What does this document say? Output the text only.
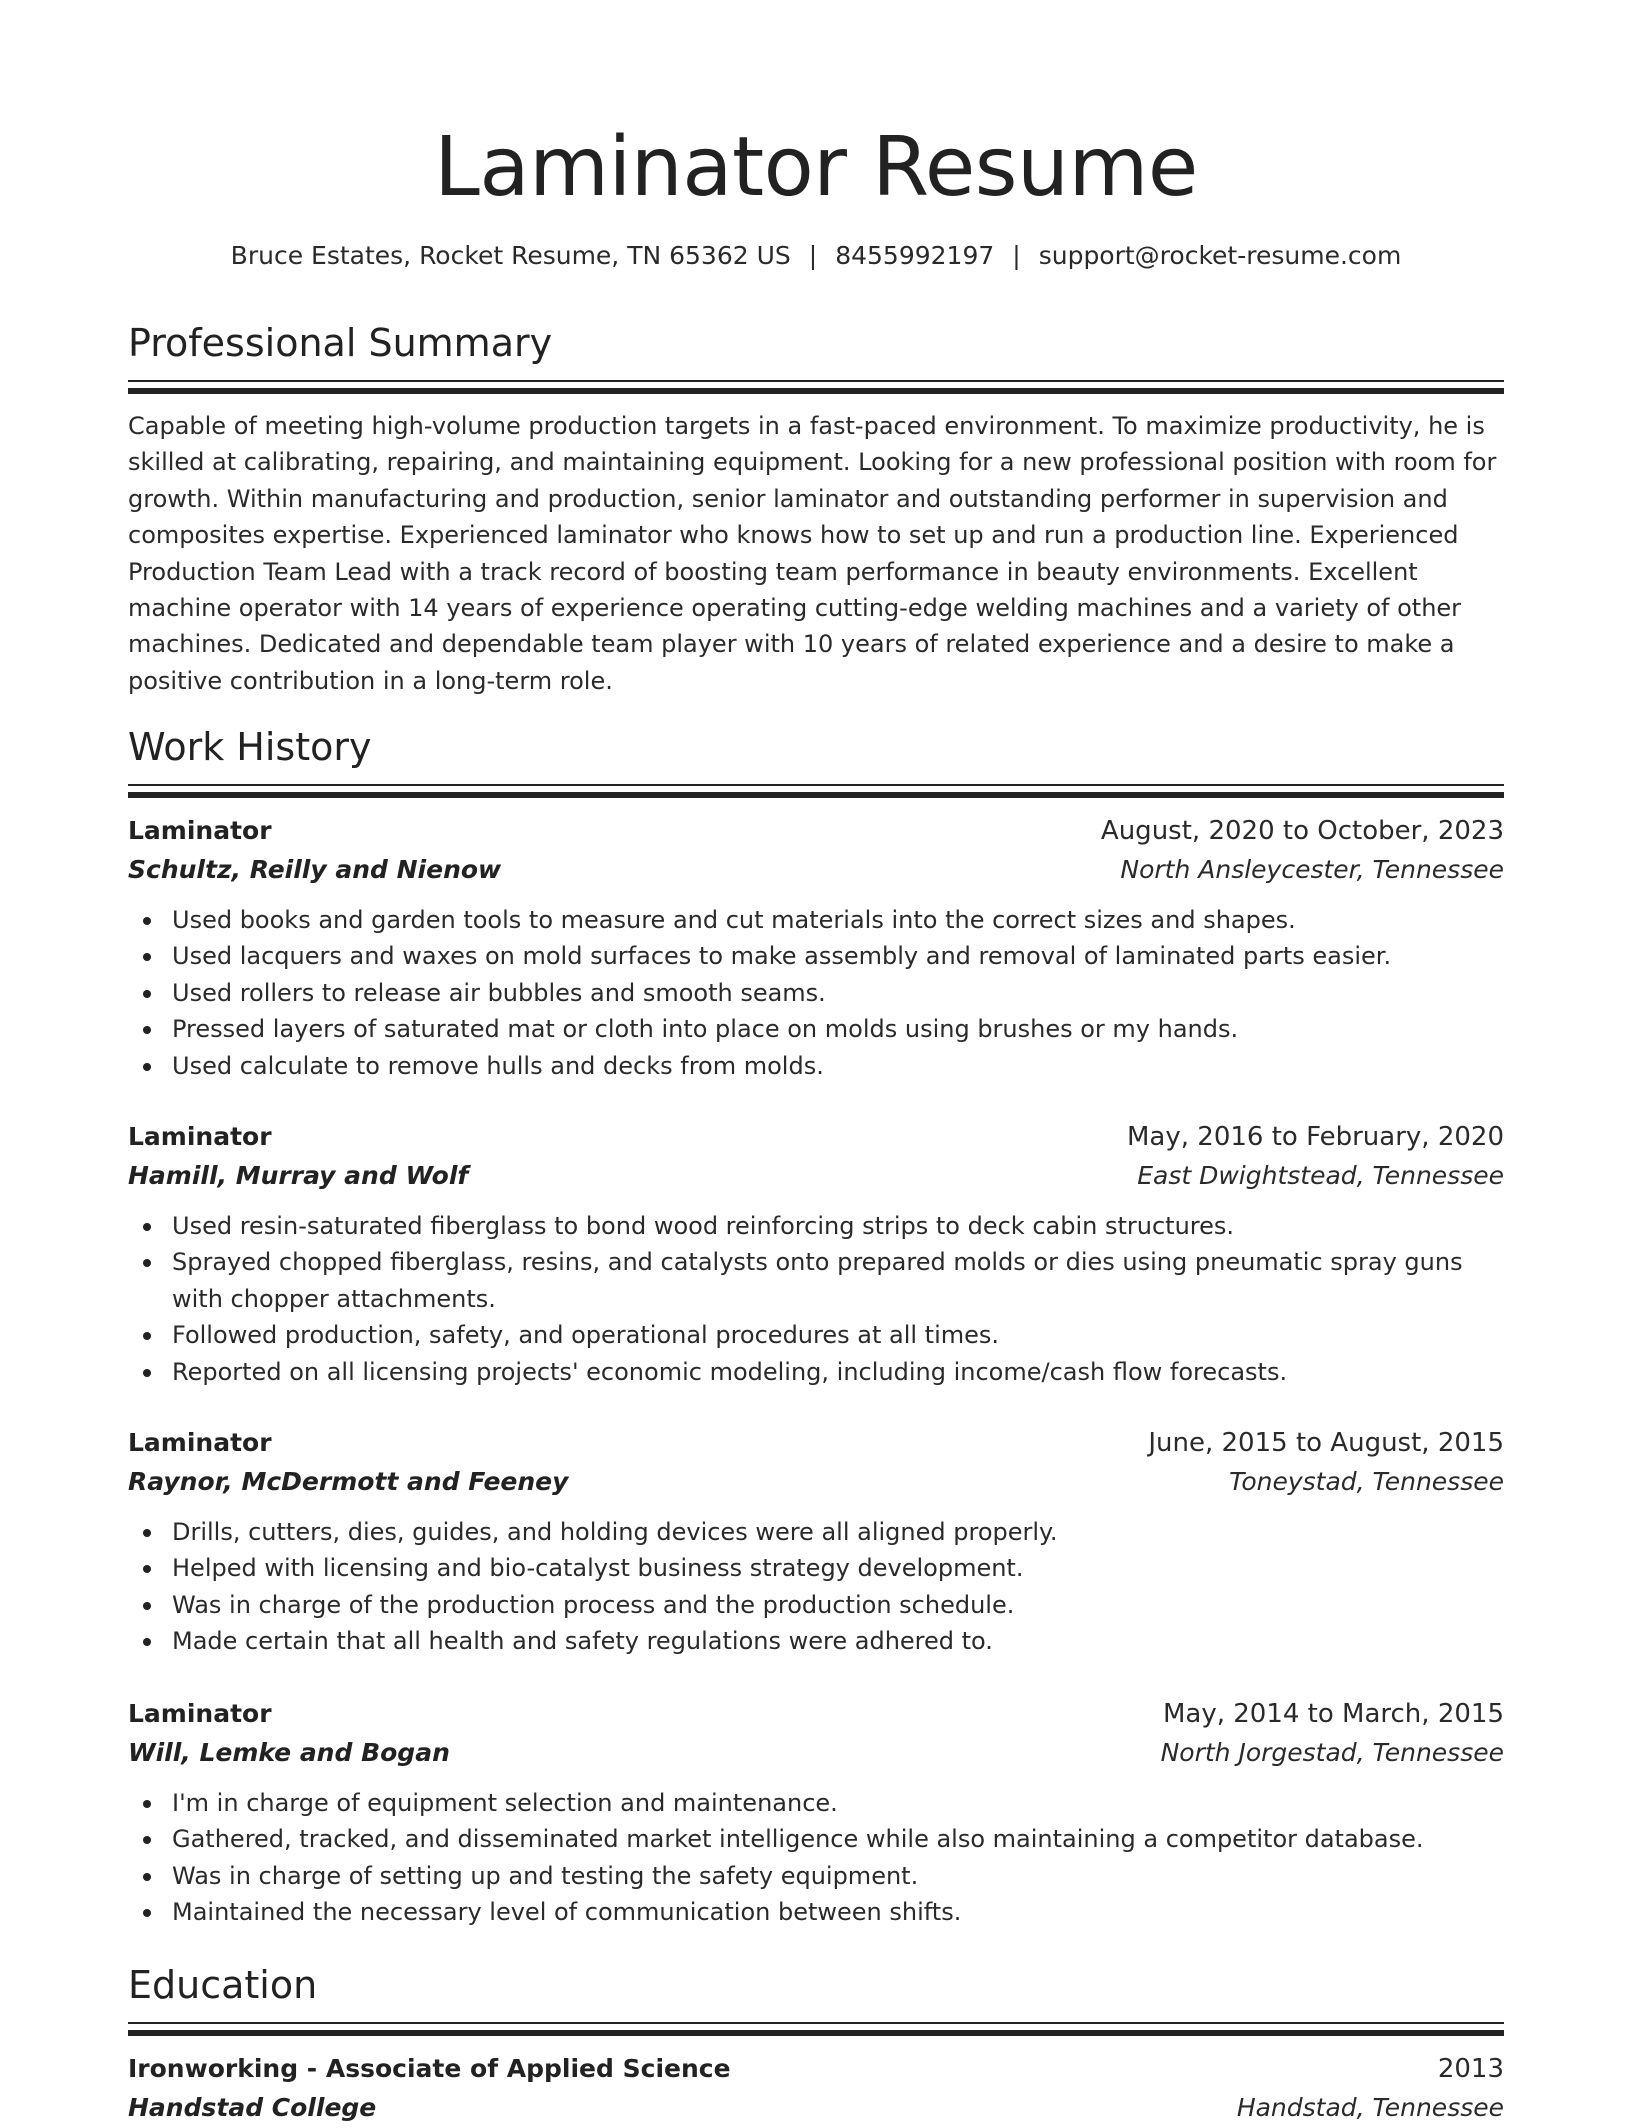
Laminator Resume
Bruce Estates, Rocket Resume, TN 65362 US | 8455992197 | support@rocket-resume.com
Professional Summary
Capable of meeting high-volume production targets in a fast-paced environment. To maximize productivity, he is skilled at calibrating, repairing, and maintaining equipment. Looking for a new professional position with room for growth. Within manufacturing and production, senior laminator and outstanding performer in supervision and composites expertise. Experienced laminator who knows how to set up and run a production line. Experienced Production Team Lead with a track record of boosting team performance in beauty environments. Excellent machine operator with 14 years of experience operating cutting-edge welding machines and a variety of other machines. Dedicated and dependable team player with 10 years of related experience and a desire to make a positive contribution in a long-term role.
Work History
Laminator	August, 2020 to October, 2023
Schultz, Reilly and Nienow	North Ansleycester, Tennessee
Used books and garden tools to measure and cut materials into the correct sizes and shapes.
Used lacquers and waxes on mold surfaces to make assembly and removal of laminated parts easier.
Used rollers to release air bubbles and smooth seams.
Pressed layers of saturated mat or cloth into place on molds using brushes or my hands.
Used calculate to remove hulls and decks from molds.
Laminator	May, 2016 to February, 2020
Hamill, Murray and Wolf	East Dwightstead, Tennessee
Used resin-saturated fiberglass to bond wood reinforcing strips to deck cabin structures.
Sprayed chopped fiberglass, resins, and catalysts onto prepared molds or dies using pneumatic spray guns with chopper attachments.
Followed production, safety, and operational procedures at all times.
Reported on all licensing projects' economic modeling, including income/cash flow forecasts.
Laminator	June, 2015 to August, 2015
Raynor, McDermott and Feeney	Toneystad, Tennessee
Drills, cutters, dies, guides, and holding devices were all aligned properly.
Helped with licensing and bio-catalyst business strategy development.
Was in charge of the production process and the production schedule.
Made certain that all health and safety regulations were adhered to.
Laminator	May, 2014 to March, 2015
Will, Lemke and Bogan	North Jorgestad, Tennessee
I'm in charge of equipment selection and maintenance.
Gathered, tracked, and disseminated market intelligence while also maintaining a competitor database.
Was in charge of setting up and testing the safety equipment.
Maintained the necessary level of communication between shifts.
Education
Ironworking - Associate of Applied Science	2013
Handstad College	Handstad, Tennessee
